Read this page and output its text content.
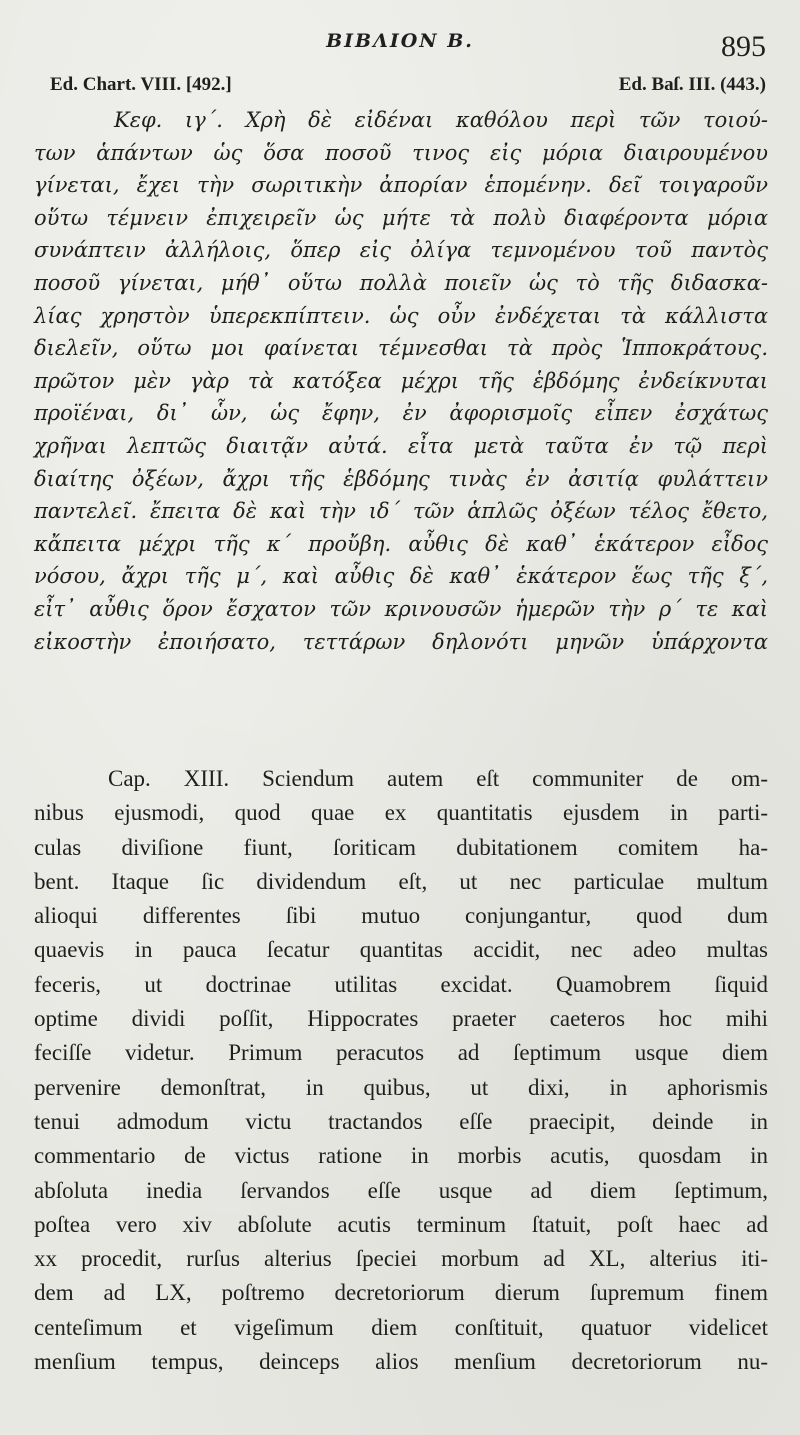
BIBΛΙΟΝ B.	895
Ed. Chart. VIII. [492.]	Ed. Baſ. III. (443.)
Κεφ. ιγ΄. Χρὴ δὲ εἰδέναι καθόλου περὶ τῶν τοιού-
των ἁπάντων ὡς ὅσα ποσοῦ τινος εἰς μόρια διαιρουμένου
γίνεται, ἔχει τὴν σωριτικὴν ἀπορίαν ἑπομένην. δεῖ τοιγαροῦν
οὕτω τέμνειν ἐπιχειρεῖν ὡς μήτε τὰ πολὺ διαφέροντα μόρια
συνάπτειν ἀλλήλοις, ὅπερ εἰς ὀλίγα τεμνομένου τοῦ παντὸς
ποσοῦ γίνεται, μήθ᾽ οὕτω πολλὰ ποιεῖν ὡς τὸ τῆς διδασκα-
λίας χρηστὸν ὑπερεκπίπτειν. ὡς οὖν ἐνδέχεται τὰ κάλλιστα
διελεῖν, οὕτω μοι φαίνεται τέμνεσθαι τὰ πρὸς Ἱπποκράτους.
πρῶτον μὲν γὰρ τὰ κατόξεα μέχρι τῆς ἑβδόμης ἐνδείκνυται
προϊέναι, δι᾽ ὧν, ὡς ἔφην, ἐν ἀφορισμοῖς εἶπεν ἐσχάτως
χρῆναι λεπτῶς διαιτᾷν αὐτά. εἶτα μετὰ ταῦτα ἐν τῷ περὶ
διαίτης ὀξέων, ἄχρι τῆς ἑβδόμης τινὰς ἐν ἀσιτίᾳ φυλάττειν
παντελεῖ. ἔπειτα δὲ καὶ τὴν ιδ΄ τῶν ἁπλῶς ὀξέων τέλος ἔθετο,
κἄπειτα μέχρι τῆς κ΄ προὔβη. αὖθις δὲ καθ᾽ ἑκάτερον εἶδος
νόσου, ἄχρι τῆς μ΄, καὶ αὖθις δὲ καθ᾽ ἑκάτερον ἕως τῆς ξ΄,
εἶτ᾽ αὖθις ὅρον ἔσχατον τῶν κρινουσῶν ἡμερῶν τὴν ρ΄ τε καὶ
εἰκοστὴν ἐποιήσατο, τεττάρων δηλονότι μηνῶν ὑπάρχοντα
Cap. XIII. Sciendum autem eſt communiter de om-
nibus ejusmodi, quod quae ex quantitatis ejusdem in parti-
culas diviſione fiunt, ſoriticam dubitationem comitem ha-
bent. Itaque ſic dividendum eſt, ut nec particulae multum
alioqui differentes ſibi mutuo conjungantur, quod dum
quaevis in pauca ſecatur quantitas accidit, nec adeo multas
feceris, ut doctrinae utilitas excidat. Quamobrem ſiquid
optime dividi poſſit, Hippocrates praeter caeteros hoc mihi
feciſſe videtur. Primum peracutos ad ſeptimum usque diem
pervenire demonſtrat, in quibus, ut dixi, in aphorismis
tenui admodum victu tractandos eſſe praecipit, deinde in
commentario de victus ratione in morbis acutis, quosdam in
abſoluta inedia ſervandos eſſe usque ad diem ſeptimum,
poſtea vero xiv abſolute acutis terminum ſtatuit, poſt haec ad
xx procedit, rurſus alterius ſpeciei morbum ad XL, alterius iti-
dem ad LX, poſtremo decretoriorum dierum ſupremum finem
centeſimum et vigeſimum diem conſtituit, quatuor videlicet
menſium tempus, deinceps alios menſium decretoriorum nu-
